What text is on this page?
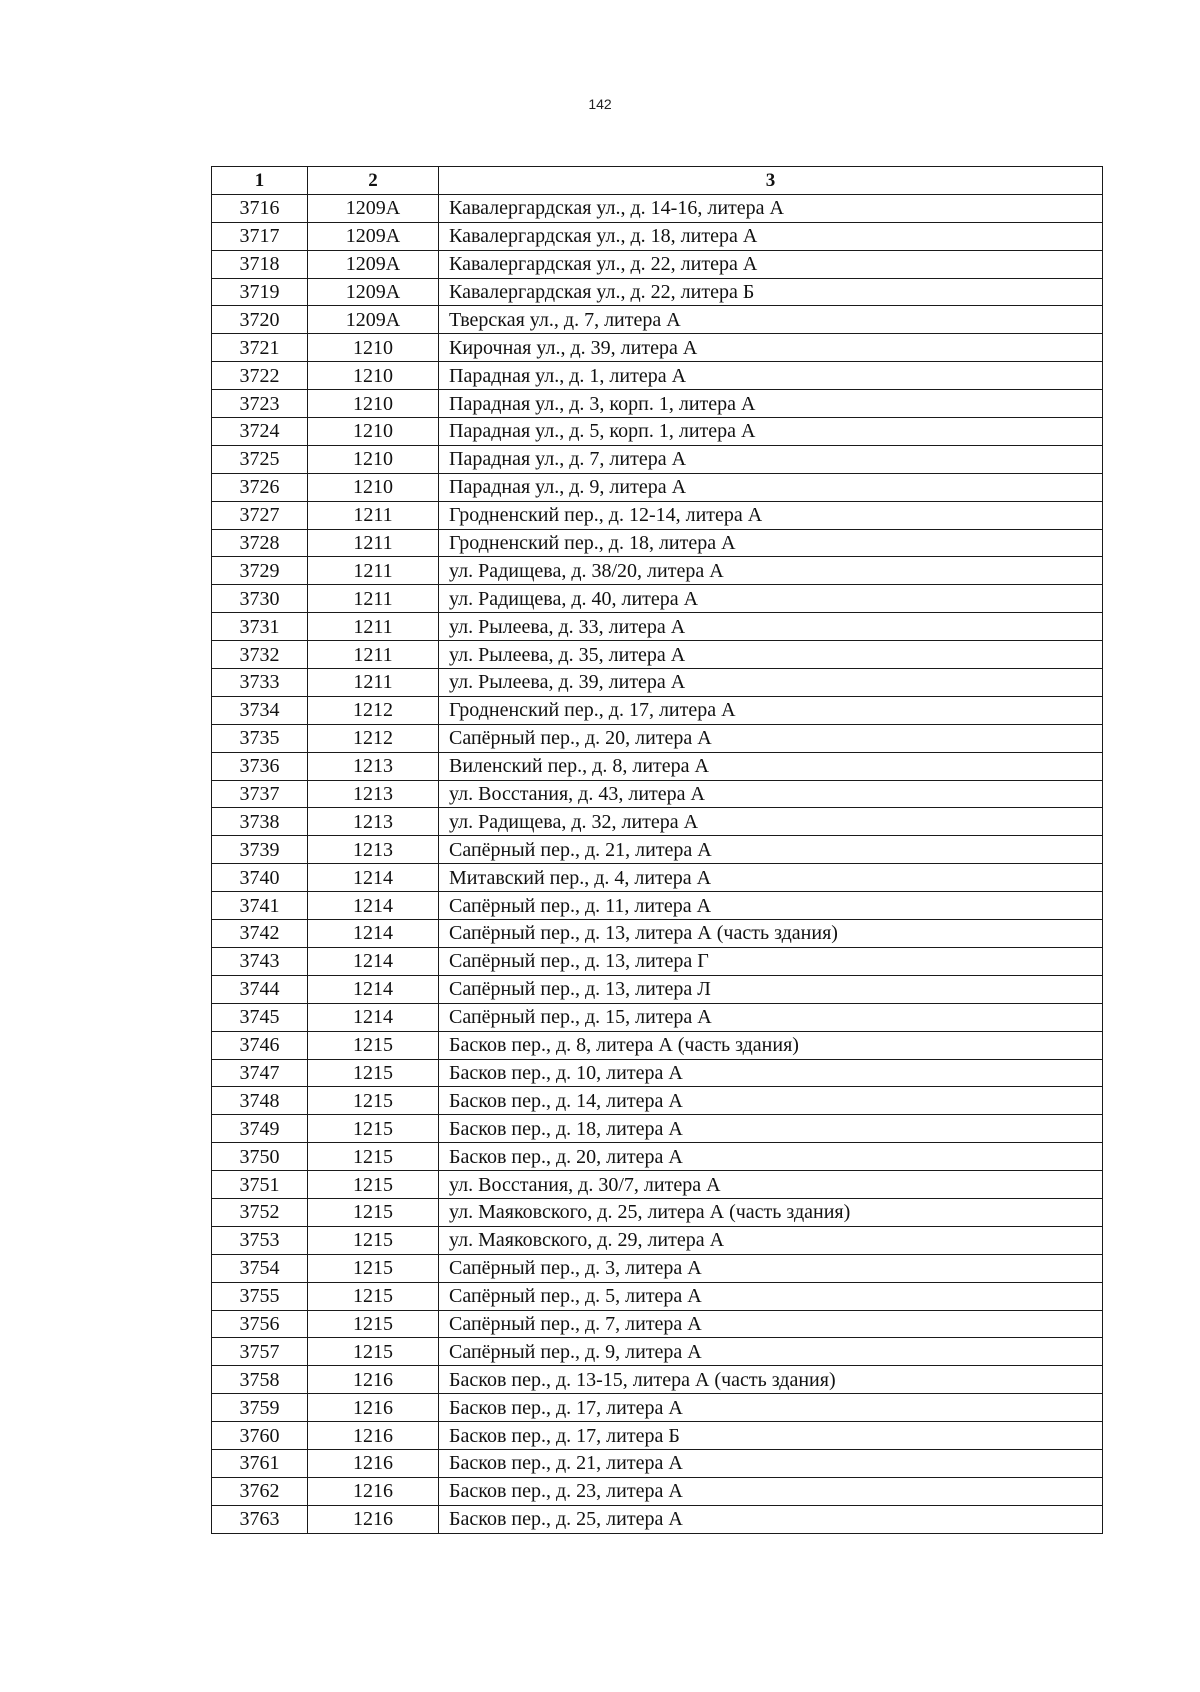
142
1	2	3
3716	1209А	Кавалергардская ул., д. 14-16, литера А
3717	1209А	Кавалергардская ул., д. 18, литера А
3718	1209А	Кавалергардская ул., д. 22, литера А
3719	1209А	Кавалергардская ул., д. 22, литера Б
3720	1209А	Тверская ул., д. 7, литера А
3721	1210	Кирочная ул., д. 39, литера А
3722	1210	Парадная ул., д. 1, литера А
3723	1210	Парадная ул., д. 3, корп. 1, литера А
3724	1210	Парадная ул., д. 5, корп. 1, литера А
3725	1210	Парадная ул., д. 7, литера А
3726	1210	Парадная ул., д. 9, литера А
3727	1211	Гродненский пер., д. 12-14, литера А
3728	1211	Гродненский пер., д. 18, литера А
3729	1211	ул. Радищева, д. 38/20, литера А
3730	1211	ул. Радищева, д. 40, литера А
3731	1211	ул. Рылеева, д. 33, литера А
3732	1211	ул. Рылеева, д. 35, литера А
3733	1211	ул. Рылеева, д. 39, литера А
3734	1212	Гродненский пер., д. 17, литера А
3735	1212	Сапёрный пер., д. 20, литера А
3736	1213	Виленский пер., д. 8, литера А
3737	1213	ул. Восстания, д. 43, литера А
3738	1213	ул. Радищева, д. 32, литера А
3739	1213	Сапёрный пер., д. 21, литера А
3740	1214	Митавский пер., д. 4, литера А
3741	1214	Сапёрный пер., д. 11, литера А
3742	1214	Сапёрный пер., д. 13, литера А (часть здания)
3743	1214	Сапёрный пер., д. 13, литера Г
3744	1214	Сапёрный пер., д. 13, литера Л
3745	1214	Сапёрный пер., д. 15, литера А
3746	1215	Басков пер., д. 8, литера А (часть здания)
3747	1215	Басков пер., д. 10, литера А
3748	1215	Басков пер., д. 14, литера А
3749	1215	Басков пер., д. 18, литера А
3750	1215	Басков пер., д. 20, литера А
3751	1215	ул. Восстания, д. 30/7, литера А
3752	1215	ул. Маяковского, д. 25, литера А (часть здания)
3753	1215	ул. Маяковского, д. 29, литера А
3754	1215	Сапёрный пер., д. 3, литера А
3755	1215	Сапёрный пер., д. 5, литера А
3756	1215	Сапёрный пер., д. 7, литера А
3757	1215	Сапёрный пер., д. 9, литера А
3758	1216	Басков пер., д. 13-15, литера А (часть здания)
3759	1216	Басков пер., д. 17, литера А
3760	1216	Басков пер., д. 17, литера Б
3761	1216	Басков пер., д. 21, литера А
3762	1216	Басков пер., д. 23, литера А
3763	1216	Басков пер., д. 25, литера А
